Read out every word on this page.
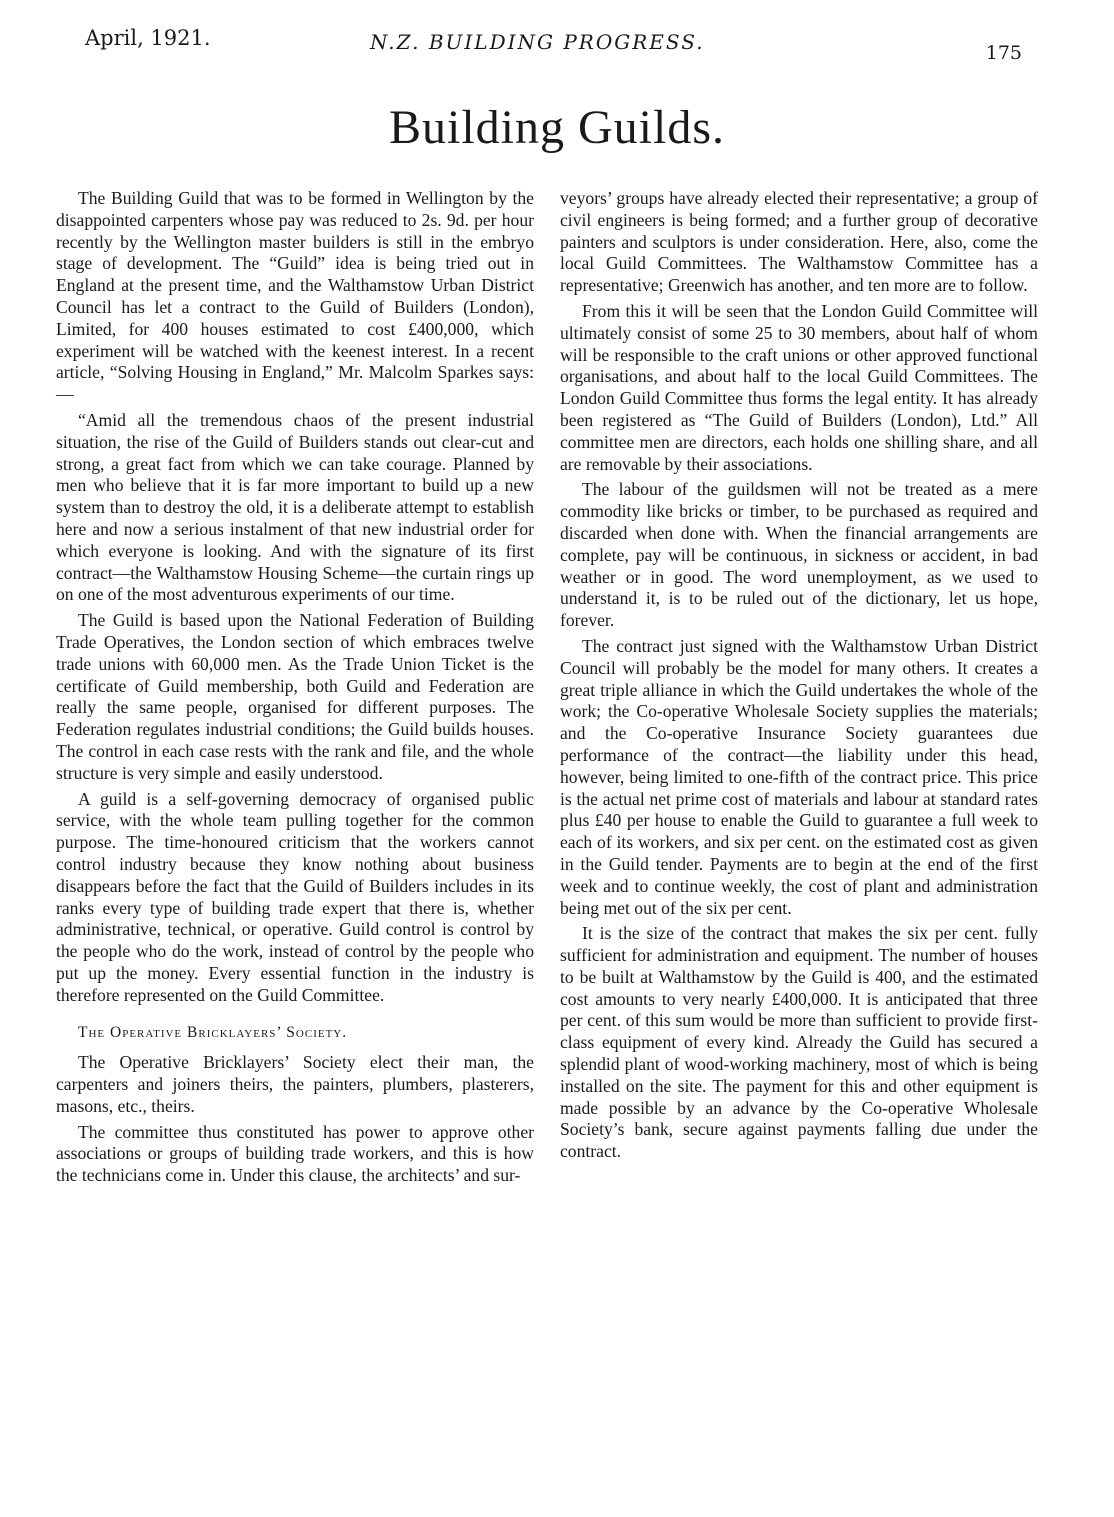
April, 1921.	N.Z. BUILDING PROGRESS.	175
Building Guilds.

The Building Guild that was to be formed in Wellington by the disappointed carpenters whose pay was reduced to 2s. 9d. per hour recently by the Wellington master builders is still in the embryo stage of development. The “Guild” idea is being tried out in England at the present time, and the Walthamstow Urban District Council has let a contract to the Guild of Builders (London), Limited, for 400 houses estimated to cost £400,000, which experiment will be watched with the keenest interest. In a recent article, “Solving Housing in England,” Mr. Malcolm Sparkes says:—

“Amid all the tremendous chaos of the present industrial situation, the rise of the Guild of Builders stands out clear-cut and strong, a great fact from which we can take courage. Planned by men who believe that it is far more important to build up a new system than to destroy the old, it is a deliberate attempt to establish here and now a serious instalment of that new industrial order for which everyone is looking. And with the signature of its first contract—the Walthamstow Housing Scheme—the curtain rings up on one of the most adventurous experiments of our time.

The Guild is based upon the National Federation of Building Trade Operatives, the London section of which embraces twelve trade unions with 60,000 men. As the Trade Union Ticket is the certificate of Guild membership, both Guild and Federation are really the same people, organised for different purposes. The Federation regulates industrial conditions; the Guild builds houses. The control in each case rests with the rank and file, and the whole structure is very simple and easily understood.

A guild is a self-governing democracy of organised public service, with the whole team pulling together for the common purpose. The time-honoured criticism that the workers cannot control industry because they know nothing about business disappears before the fact that the Guild of Builders includes in its ranks every type of building trade expert that there is, whether administrative, technical, or operative. Guild control is control by the people who do the work, instead of control by the people who put up the money. Every essential function in the industry is therefore represented on the Guild Committee.

The Operative Bricklayers’ Society.

The Operative Bricklayers’ Society elect their man, the carpenters and joiners theirs, the painters, plumbers, plasterers, masons, etc., theirs.

The committee thus constituted has power to approve other associations or groups of building trade workers, and this is how the technicians come in. Under this clause, the architects’ and sur-

veyors’ groups have already elected their representative; a group of civil engineers is being formed; and a further group of decorative painters and sculptors is under consideration. Here, also, come the local Guild Committees. The Walthamstow Committee has a representative; Greenwich has another, and ten more are to follow.

From this it will be seen that the London Guild Committee will ultimately consist of some 25 to 30 members, about half of whom will be responsible to the craft unions or other approved functional organisations, and about half to the local Guild Committees. The London Guild Committee thus forms the legal entity. It has already been registered as “The Guild of Builders (London), Ltd.” All committee men are directors, each holds one shilling share, and all are removable by their associations.

The labour of the guildsmen will not be treated as a mere commodity like bricks or timber, to be purchased as required and discarded when done with. When the financial arrangements are complete, pay will be continuous, in sickness or accident, in bad weather or in good. The word unemployment, as we used to understand it, is to be ruled out of the dictionary, let us hope, forever.

The contract just signed with the Walthamstow Urban District Council will probably be the model for many others. It creates a great triple alliance in which the Guild undertakes the whole of the work; the Co-operative Wholesale Society supplies the materials; and the Co-operative Insurance Society guarantees due performance of the contract—the liability under this head, however, being limited to one-fifth of the contract price. This price is the actual net prime cost of materials and labour at standard rates plus £40 per house to enable the Guild to guarantee a full week to each of its workers, and six per cent. on the estimated cost as given in the Guild tender. Payments are to begin at the end of the first week and to continue weekly, the cost of plant and administration being met out of the six per cent.

It is the size of the contract that makes the six per cent. fully sufficient for administration and equipment. The number of houses to be built at Walthamstow by the Guild is 400, and the estimated cost amounts to very nearly £400,000. It is anticipated that three per cent. of this sum would be more than sufficient to provide first-class equipment of every kind. Already the Guild has secured a splendid plant of wood-working machinery, most of which is being installed on the site. The payment for this and other equipment is made possible by an advance by the Co-operative Wholesale Society’s bank, secure against payments falling due under the contract.
